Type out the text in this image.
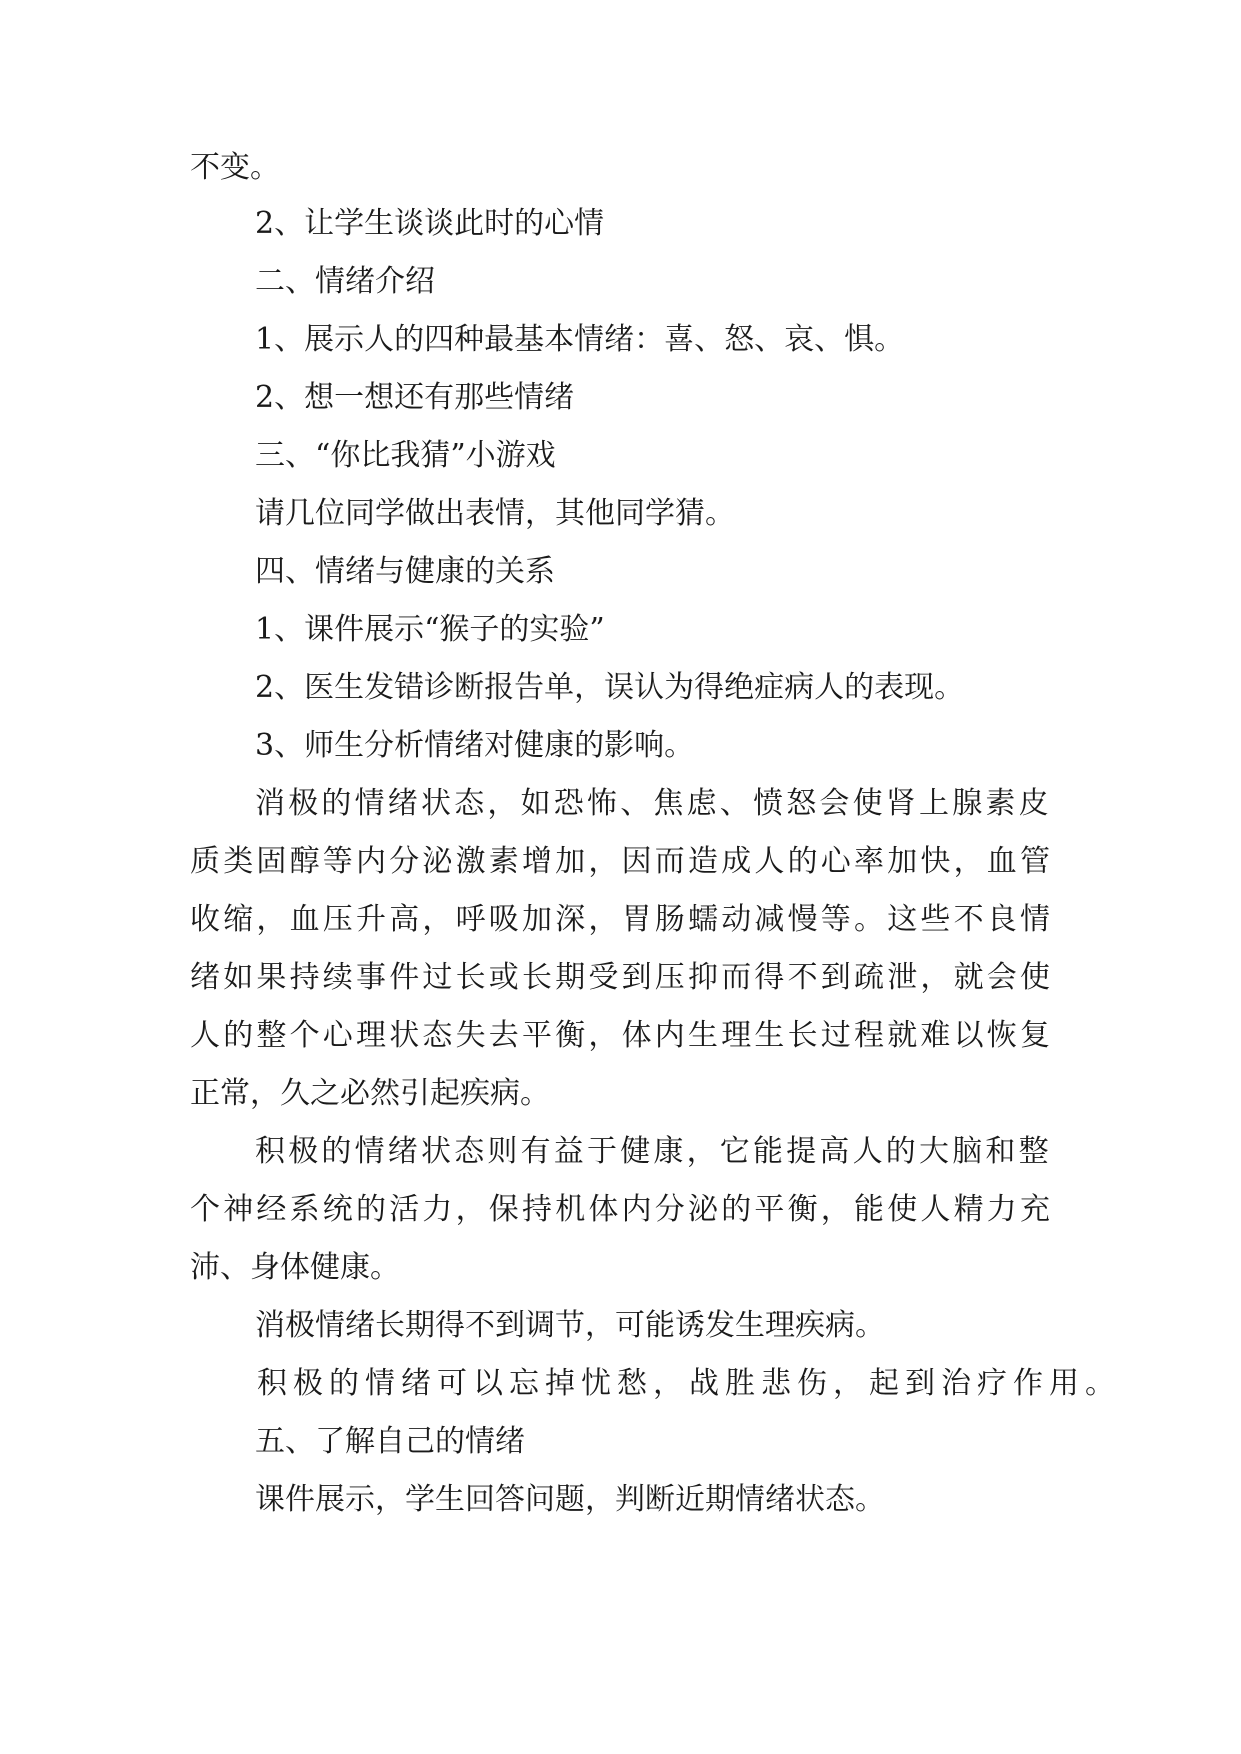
不变。
2、让学生谈谈此时的心情
二、情绪介绍
1、展示人的四种最基本情绪：喜、怒、哀、惧。
2、想一想还有那些情绪
三、“你比我猜”小游戏
请几位同学做出表情，其他同学猜。
四、情绪与健康的关系
1、课件展示“猴子的实验”
2、医生发错诊断报告单，误认为得绝症病人的表现。
3、师生分析情绪对健康的影响。
消极的情绪状态，如恐怖、焦虑、愤怒会使肾上腺素皮
质类固醇等内分泌激素增加，因而造成人的心率加快，血管
收缩，血压升高，呼吸加深，胃肠蠕动减慢等。这些不良情
绪如果持续事件过长或长期受到压抑而得不到疏泄，就会使
人的整个心理状态失去平衡，体内生理生长过程就难以恢复
正常，久之必然引起疾病。
积极的情绪状态则有益于健康，它能提高人的大脑和整
个神经系统的活力，保持机体内分泌的平衡，能使人精力充
沛、身体健康。
消极情绪长期得不到调节，可能诱发生理疾病。
积极的情绪可以忘掉忧愁，战胜悲伤，起到治疗作用。
五、了解自己的情绪
课件展示，学生回答问题，判断近期情绪状态。
